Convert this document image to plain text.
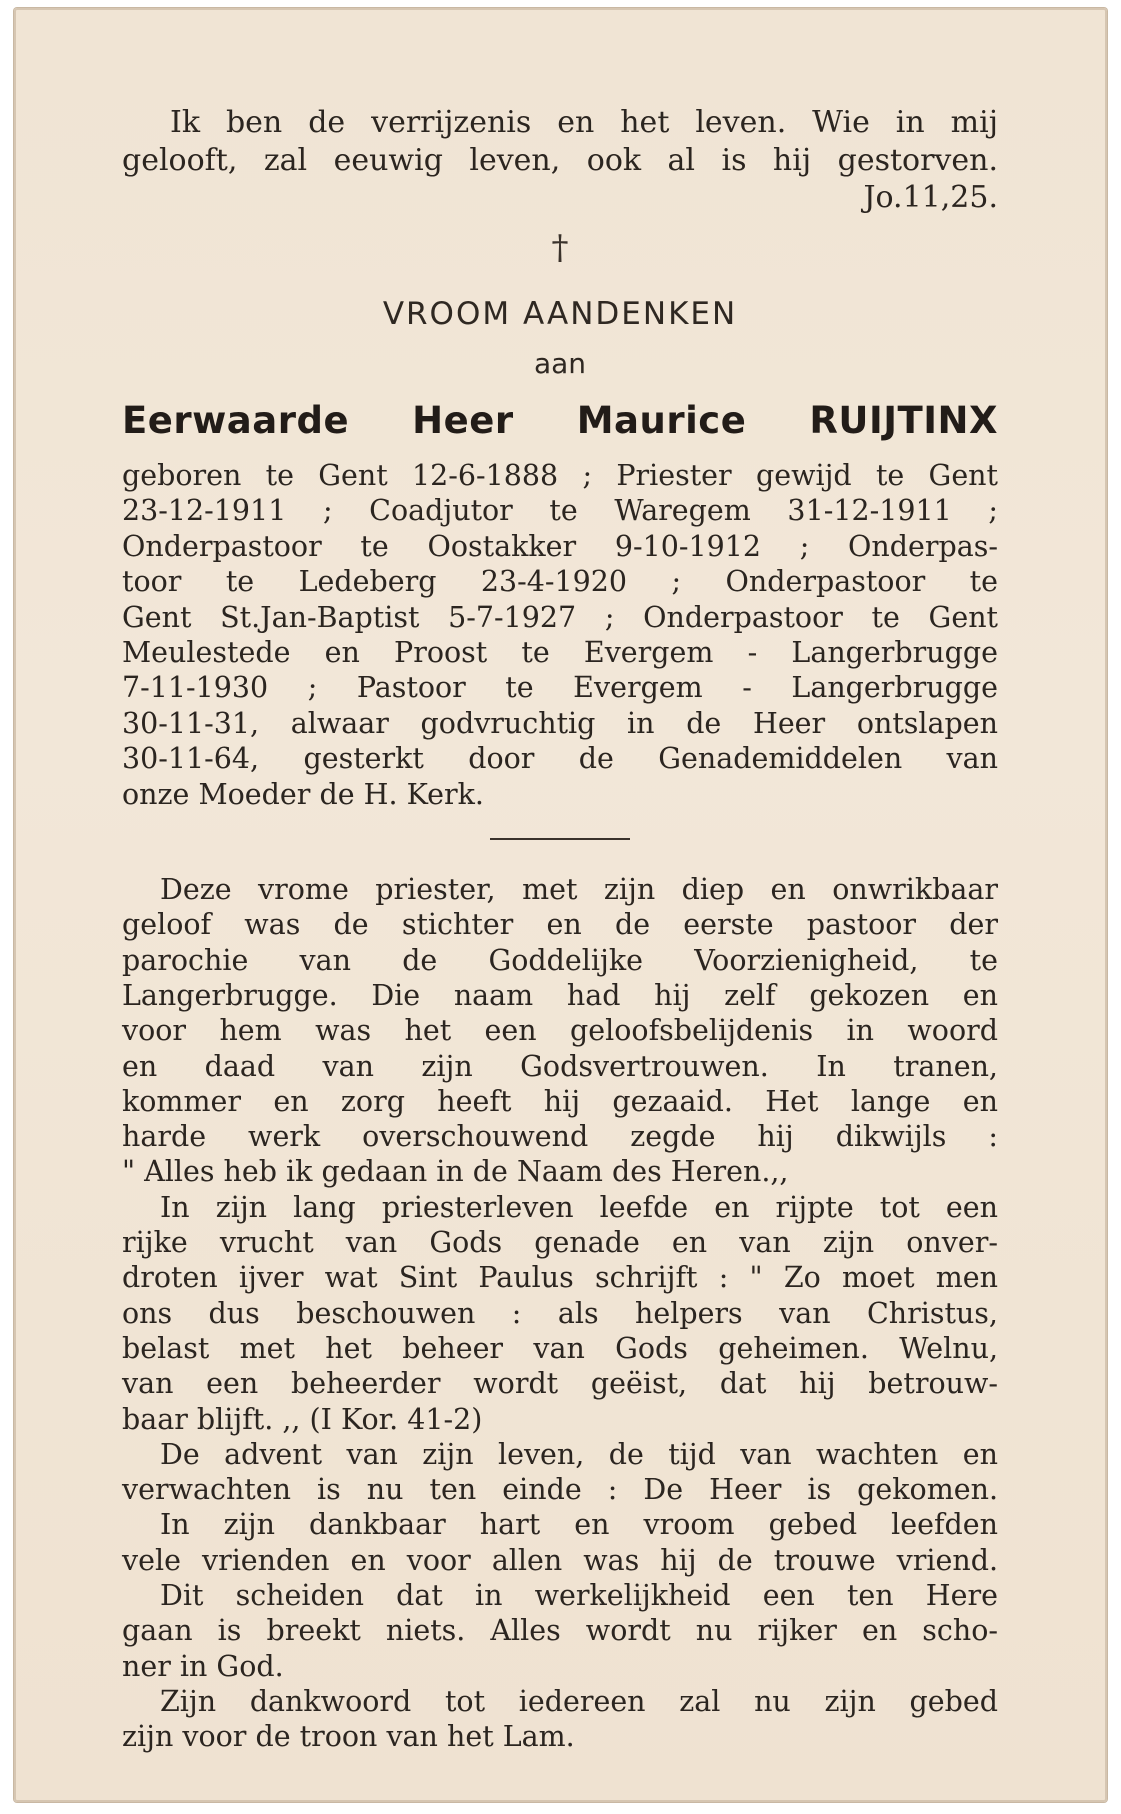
Ik ben de verrijzenis en het leven. Wie in mij
gelooft, zal eeuwig leven, ook al is hij gestorven.

Jo.11,25.

†
VROOM AANDENKEN
aan
Eerwaarde Heer Maurice RUIJTINX
geboren te Gent 12-6-1888 ; Priester gewijd te Gent
23-12-1911 ; Coadjutor te Waregem 31-12-1911 ;
Onderpastoor te Oostakker 9-10-1912 ; Onderpas-
toor te Ledeberg 23-4-1920 ; Onderpastoor te
Gent St.Jan-Baptist 5-7-1927 ; Onderpastoor te Gent
Meulestede en Proost te Evergem - Langerbrugge
7-11-1930 ; Pastoor te Evergem - Langerbrugge
30-11-31, alwaar godvruchtig in de Heer ontslapen
30-11-64, gesterkt door de Genademiddelen van
onze Moeder de H. Kerk.
Deze vrome priester, met zijn diep en onwrikbaar
geloof was de stichter en de eerste pastoor der
parochie van de Goddelijke Voorzienigheid, te
Langerbrugge. Die naam had hij zelf gekozen en
voor hem was het een geloofsbelijdenis in woord
en daad van zijn Godsvertrouwen. In tranen,
kommer en zorg heeft hij gezaaid. Het lange en
harde werk overschouwend zegde hij dikwijls :
" Alles heb ik gedaan in de Naam des Heren.,,
In zijn lang priesterleven leefde en rijpte tot een
rijke vrucht van Gods genade en van zijn onver-
droten ijver wat Sint Paulus schrijft : " Zo moet men
ons dus beschouwen : als helpers van Christus,
belast met het beheer van Gods geheimen. Welnu,
van een beheerder wordt geëist, dat hij betrouw-
baar blijft. ,, (I Kor. 41-2)
De advent van zijn leven, de tijd van wachten en
verwachten is nu ten einde : De Heer is gekomen.
In zijn dankbaar hart en vroom gebed leefden
vele vrienden en voor allen was hij de trouwe vriend.
Dit scheiden dat in werkelijkheid een ten Here
gaan is breekt niets. Alles wordt nu rijker en scho-
ner in God.
Zijn dankwoord tot iedereen zal nu zijn gebed
zijn voor de troon van het Lam.
